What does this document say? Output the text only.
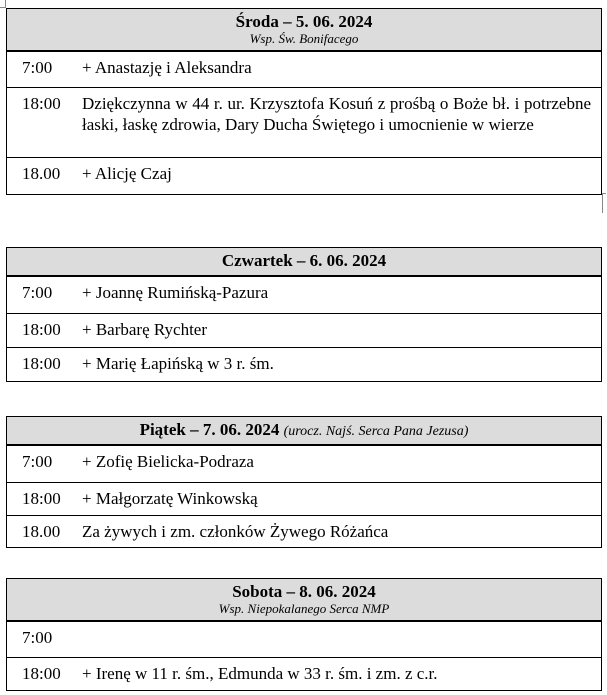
Środa – 5. 06. 2024
Wsp. Św. Bonifacego
7:00	+ Anastazję i Aleksandra
18:00	Dziękczynna w 44 r. ur. Krzysztofa Kosuń z prośbą o Boże bł. i potrzebne łaski, łaskę zdrowia, Dary Ducha Świętego i umocnienie w wierze
18.00	+ Alicję Czaj
Czwartek – 6. 06. 2024
7:00	+ Joannę Rumińską-Pazura
18:00	+ Barbarę Rychter
18:00	+ Marię Łapińską w 3 r. śm.
Piątek – 7. 06. 2024 (urocz. Najś. Serca Pana Jezusa)
7:00	+ Zofię Bielicka-Podraza
18:00	+ Małgorzatę Winkowską
18.00	Za żywych i zm. członków Żywego Różańca
Sobota – 8. 06. 2024
Wsp. Niepokalanego Serca NMP
7:00
18:00	+ Irenę w 11 r. śm., Edmunda w 33 r. śm. i zm. z c.r.
